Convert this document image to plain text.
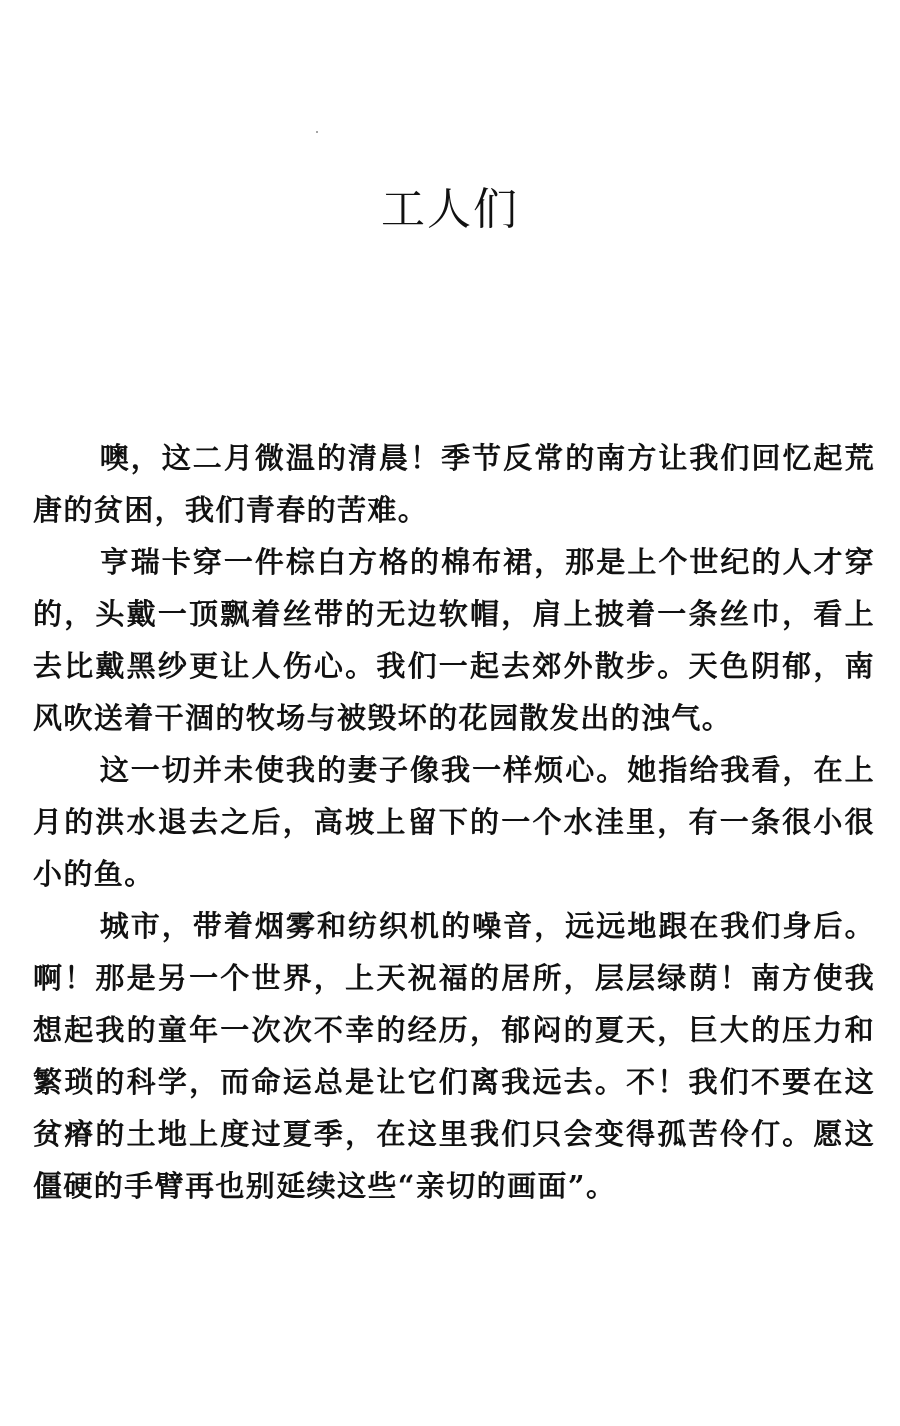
工人们

噢，这二月微温的清晨！季节反常的南方让我们回忆起荒唐的贫困，我们青春的苦难。

亨瑞卡穿一件棕白方格的棉布裙，那是上个世纪的人才穿的，头戴一顶飘着丝带的无边软帽，肩上披着一条丝巾，看上去比戴黑纱更让人伤心。我们一起去郊外散步。天色阴郁，南风吹送着干涸的牧场与被毁坏的花园散发出的浊气。

这一切并未使我的妻子像我一样烦心。她指给我看，在上月的洪水退去之后，高坡上留下的一个水洼里，有一条很小很小的鱼。

城市，带着烟雾和纺织机的噪音，远远地跟在我们身后。啊！那是另一个世界，上天祝福的居所，层层绿荫！南方使我想起我的童年一次次不幸的经历，郁闷的夏天，巨大的压力和繁琐的科学，而命运总是让它们离我远去。不！我们不要在这贫瘠的土地上度过夏季，在这里我们只会变得孤苦伶仃。愿这僵硬的手臂再也别延续这些“亲切的画面”。
